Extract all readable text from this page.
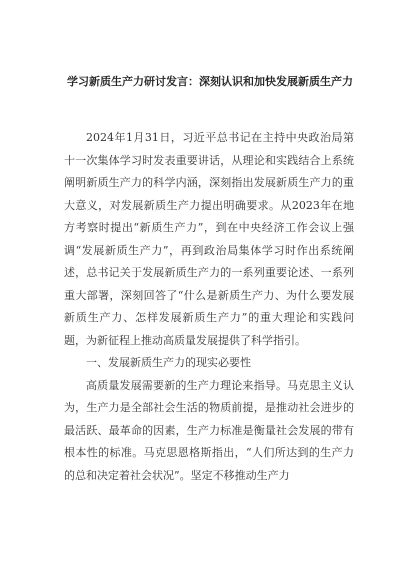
学习新质生产力研讨发言：深刻认识和加快发展新质生产力

2024年1月31日，习近平总书记在主持中央政治局第十一次集体学习时发表重要讲话，从理论和实践结合上系统阐明新质生产力的科学内涵，深刻指出发展新质生产力的重大意义，对发展新质生产力提出明确要求。从2023年在地方考察时提出“新质生产力”，到在中央经济工作会议上强调“发展新质生产力”，再到政治局集体学习时作出系统阐述，总书记关于发展新质生产力的一系列重要论述、一系列重大部署，深刻回答了“什么是新质生产力、为什么要发展新质生产力、怎样发展新质生产力”的重大理论和实践问题，为新征程上推动高质量发展提供了科学指引。

一、发展新质生产力的现实必要性

高质量发展需要新的生产力理论来指导。马克思主义认为，生产力是全部社会生活的物质前提，是推动社会进步的最活跃、最革命的因素，生产力标准是衡量社会发展的带有根本性的标准。马克思恩格斯指出，“人们所达到的生产力的总和决定着社会状况”。坚定不移推动生产力
